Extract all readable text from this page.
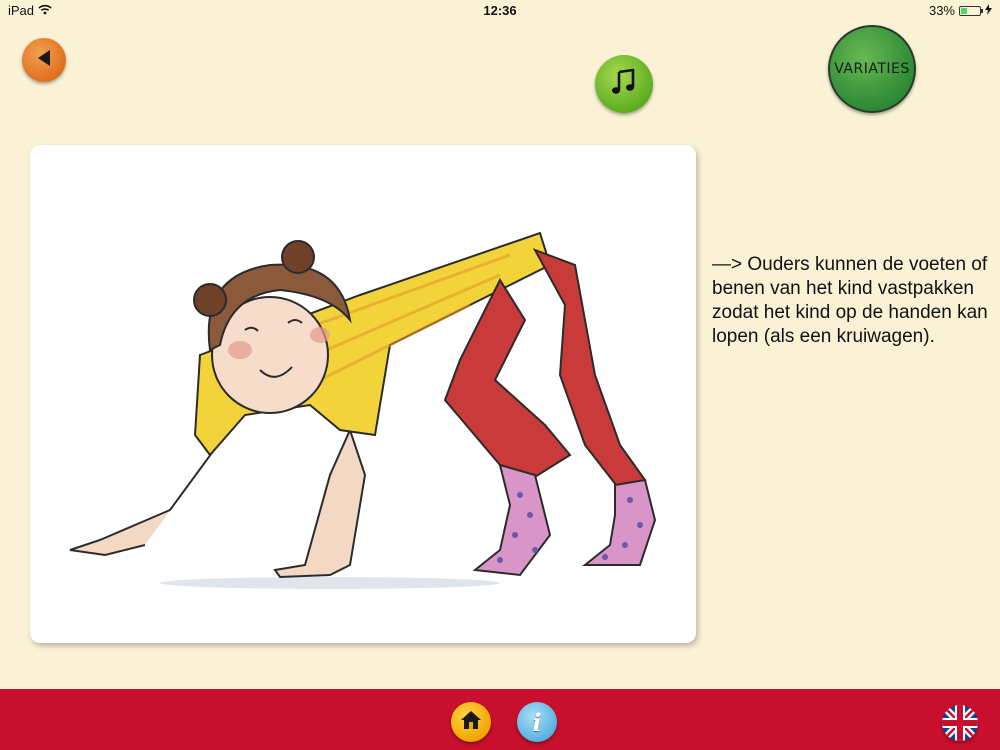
iPad	12:36	33%
VARIATIES
—> Ouders kunnen de voeten of benen van het kind vastpakken zodat het kind op de handen kan lopen (als een kruiwagen).
i
